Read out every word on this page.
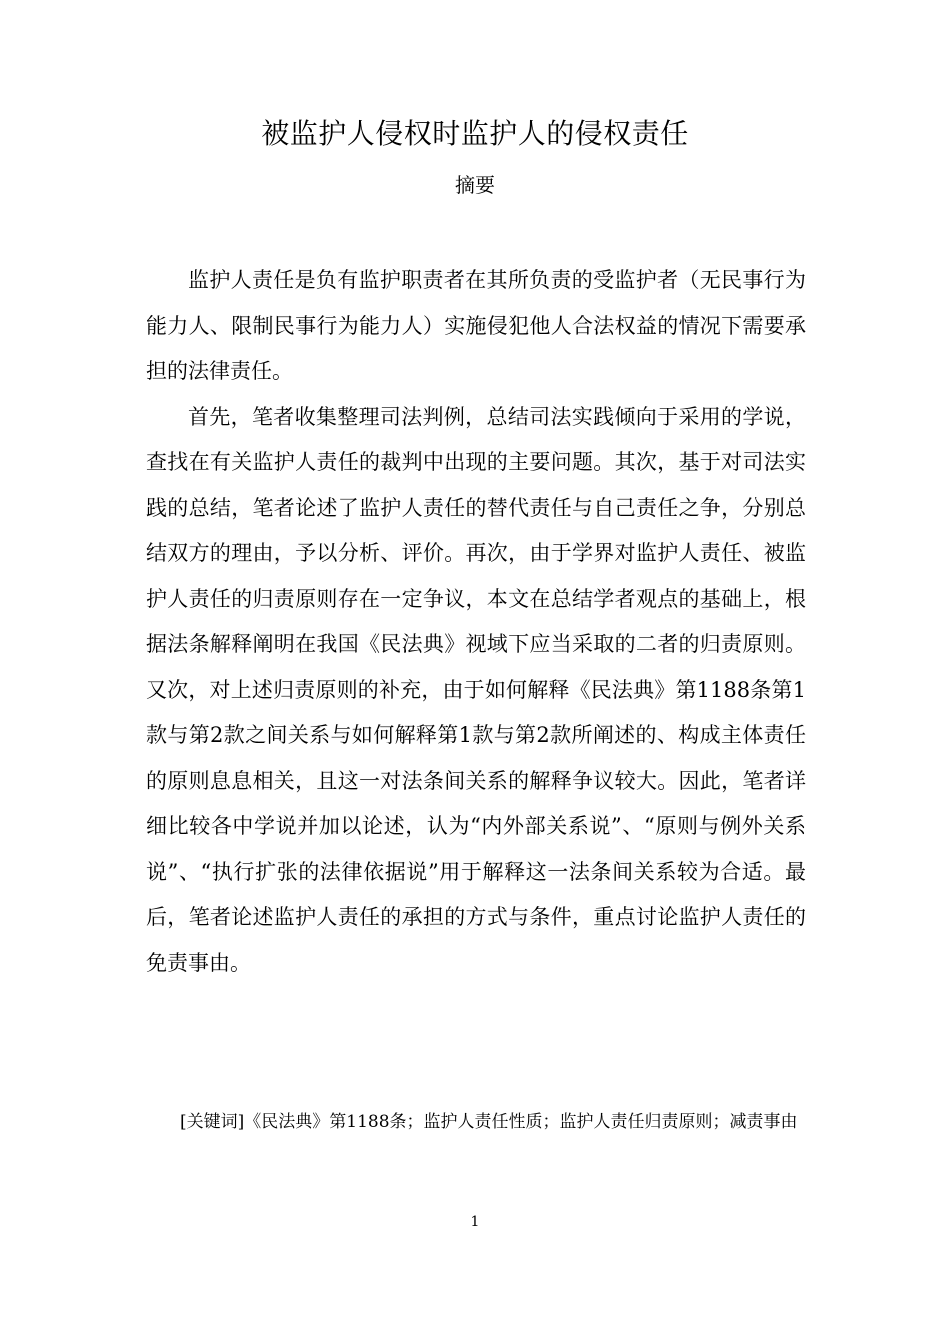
被监护人侵权时监护人的侵权责任
摘要

监护人责任是负有监护职责者在其所负责的受监护者（无民事行为能力人、限制民事行为能力人）实施侵犯他人合法权益的情况下需要承担的法律责任。

首先，笔者收集整理司法判例，总结司法实践倾向于采用的学说，查找在有关监护人责任的裁判中出现的主要问题。其次，基于对司法实践的总结，笔者论述了监护人责任的替代责任与自己责任之争，分别总结双方的理由，予以分析、评价。再次，由于学界对监护人责任、被监护人责任的归责原则存在一定争议，本文在总结学者观点的基础上，根据法条解释阐明在我国《民法典》视域下应当采取的二者的归责原则。又次，对上述归责原则的补充，由于如何解释《民法典》第1188条第1款与第2款之间关系与如何解释第1款与第2款所阐述的、构成主体责任的原则息息相关，且这一对法条间关系的解释争议较大。因此，笔者详细比较各中学说并加以论述，认为“内外部关系说”、“原则与例外关系说”、“执行扩张的法律依据说”用于解释这一法条间关系较为合适。最后，笔者论述监护人责任的承担的方式与条件，重点讨论监护人责任的免责事由。

[关键词]《民法典》第1188条；监护人责任性质；监护人责任归责原则；减责事由
1
